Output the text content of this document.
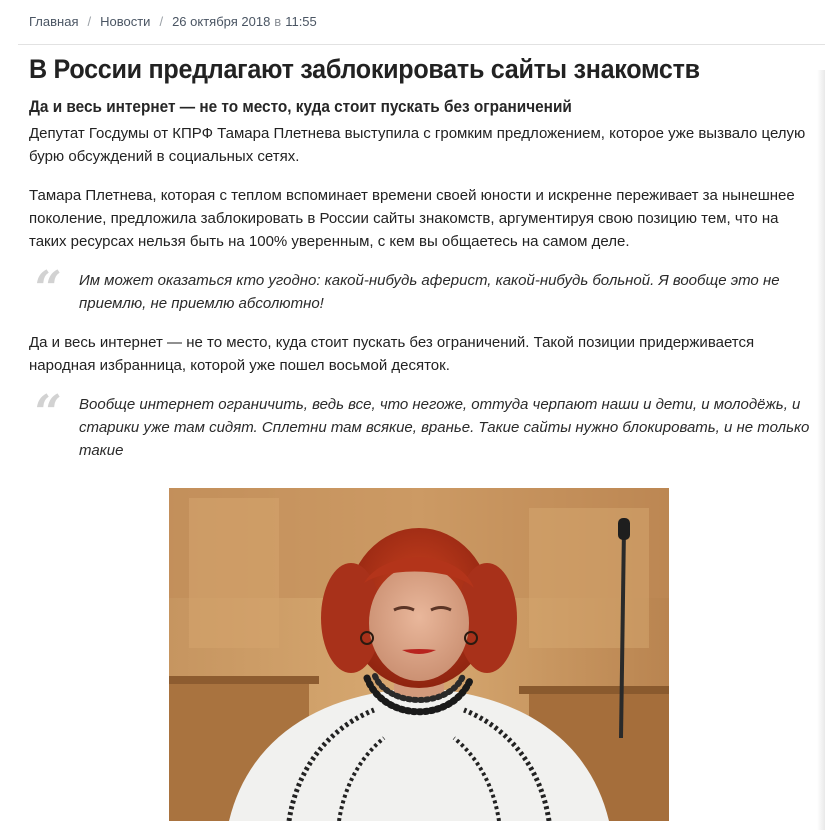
Главная / Новости / 26 октября 2018 в 11:55
В России предлагают заблокировать сайты знакомств
Да и весь интернет — не то место, куда стоит пускать без ограничений

Депутат Госдумы от КПРФ Тамара Плетнева выступила с громким предложением, которое уже вызвало целую бурю обсуждений в социальных сетях.

Тамара Плетнева, которая с теплом вспоминает времени своей юности и искренне переживает за нынешнее поколение, предложила заблокировать в России сайты знакомств, аргументируя свою позицию тем, что на таких ресурсах нельзя быть на 100% уверенным, с кем вы общаетесь на самом деле.

“ Им может оказаться кто угодно: какой-нибудь аферист, какой-нибудь больной. Я вообще это не приемлю, не приемлю абсолютно!

Да и весь интернет — не то место, куда стоит пускать без ограничений. Такой позиции придерживается народная избранница, которой уже пошел восьмой десяток.

“ Вообще интернет ограничить, ведь все, что негоже, оттуда черпают наши и дети, и молодёжь, и старики уже там сидят. Сплетни там всякие, вранье. Такие сайты нужно блокировать, и не только такие
